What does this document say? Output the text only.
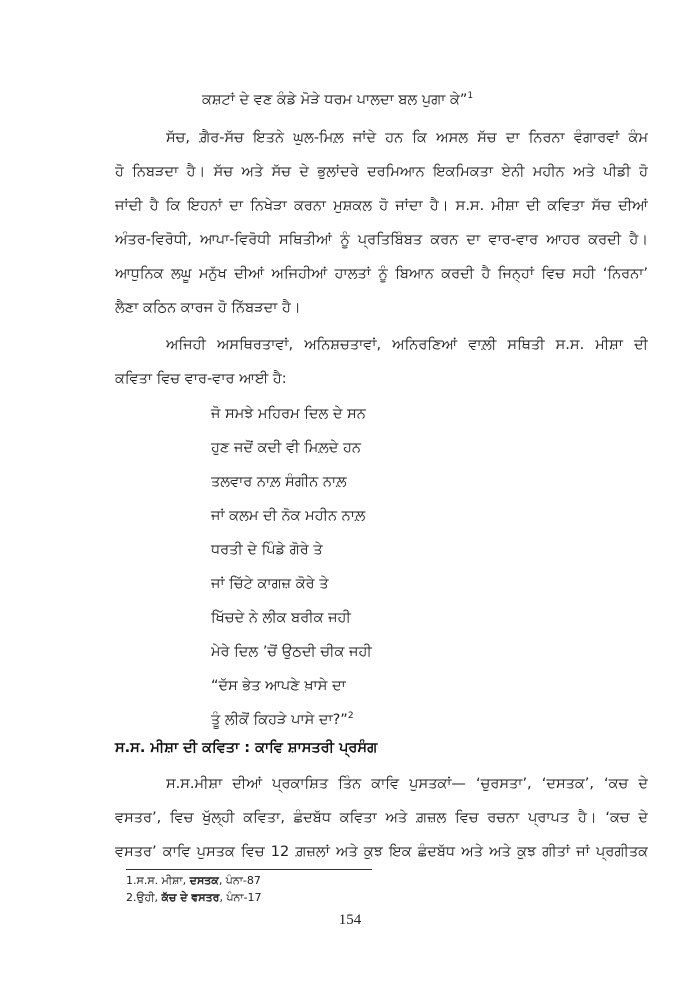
ਕਸ਼ਟਾਂ ਦੇ ਵਣ ਕੰਡੇ ਮੋੜੇ ਧਰਮ ਪਾਲਦਾ ਬਲ ਪੁਗਾ ਕੇ”$^1$
ਸੱਚ, ਗ਼ੈਰ-ਸੱਚ ਇਤਨੇ ਘੁਲ-ਮਿਲ਼ ਜਾਂਦੇ ਹਨ ਕਿ ਅਸਲ ਸੱਚ ਦਾ ਨਿਰਨਾ ਵੰਗਾਰਵਾਂ ਕੰਮ
ਹੋ ਨਿਬੜਦਾ ਹੈ। ਸੱਚ ਅਤੇ ਸੱਚ ਦੇ ਭੁਲਾਂਦਰੇ ਦਰਮਿਆਨ ਇਕਮਿਕਤਾ ਏਨੀ ਮਹੀਨ ਅਤੇ ਪੀਡੀ ਹੋ
ਜਾਂਦੀ ਹੈ ਕਿ ਇਹਨਾਂ ਦਾ ਨਿਖੇੜਾ ਕਰਨਾ ਮੁਸ਼ਕਲ ਹੋ ਜਾਂਦਾ ਹੈ। ਸ.ਸ. ਮੀਸ਼ਾ ਦੀ ਕਵਿਤਾ ਸੱਚ ਦੀਆਂ
ਅੰਤਰ-ਵਿਰੋਧੀ, ਆਪਾ-ਵਿਰੋਧੀ ਸਥਿਤੀਆਂ ਨੂੰ ਪ੍ਰਤਿਬਿੰਬਤ ਕਰਨ ਦਾ ਵਾਰ-ਵਾਰ ਆਹਰ ਕਰਦੀ ਹੈ।
ਆਧੁਨਿਕ ਲਘੂ ਮਨੁੱਖ ਦੀਆਂ ਅਜਿਹੀਆਂ ਹਾਲਤਾਂ ਨੂੰ ਬਿਆਨ ਕਰਦੀ ਹੈ ਜਿਨ੍ਹਾਂ ਵਿਚ ਸਹੀ ‘ਨਿਰਨਾ’
ਲੈਣਾ ਕਠਿਨ ਕਾਰਜ ਹੋ ਨਿੱਬੜਦਾ ਹੈ।
ਅਜਿਹੀ ਅਸਥਿਰਤਾਵਾਂ, ਅਨਿਸ਼ਚਤਾਵਾਂ, ਅਨਿਰਣਿਆਂ ਵਾਲ਼ੀ ਸਥਿਤੀ ਸ.ਸ. ਮੀਸ਼ਾ ਦੀ
ਕਵਿਤਾ ਵਿਚ ਵਾਰ-ਵਾਰ ਆਈ ਹੈ:
ਜੋ ਸਮਝੇ ਮਹਿਰਮ ਦਿਲ ਦੇ ਸਨ
ਹੁਣ ਜਦੋਂ ਕਦੀ ਵੀ ਮਿਲ਼ਦੇ ਹਨ
ਤਲਵਾਰ ਨਾਲ਼ ਸੰਗੀਨ ਨਾਲ਼
ਜਾਂ ਕਲਮ ਦੀ ਨੋਕ ਮਹੀਨ ਨਾਲ਼
ਧਰਤੀ ਦੇ ਪਿੰਡੇ ਗੋਰੇ ਤੇ
ਜਾਂ ਚਿੱਟੇ ਕਾਗਜ਼ ਕੋਰੇ ਤੇ
ਖਿੱਚਦੇ ਨੇ ਲੀਕ ਬਰੀਕ ਜਹੀ
ਮੇਰੇ ਦਿਲ ’ਚੋਂ ਉਠਦੀ ਚੀਕ ਜਹੀ
“ਦੱਸ ਭੇਤ ਆਪਣੇ ਖ਼ਾਸੇ ਦਾ
ਤੂੰ ਲੀਕੋਂ ਕਿਹੜੇ ਪਾਸੇ ਦਾ?”$^2$
ਸ.ਸ. ਮੀਸ਼ਾ ਦੀ ਕਵਿਤਾ : ਕਾਵਿ ਸ਼ਾਸਤਰੀ ਪ੍ਰਸੰਗ
ਸ.ਸ.ਮੀਸ਼ਾ ਦੀਆਂ ਪ੍ਰਕਾਸ਼ਿਤ ਤਿੰਨ ਕਾਵਿ ਪੁਸਤਕਾਂ— ‘ਚੁਰਸਤਾ’, ‘ਦਸਤਕ’, ‘ਕਚ ਦੇ
ਵਸਤਰ’, ਵਿਚ ਖੁੱਲ੍ਹੀ ਕਵਿਤਾ, ਛੰਦਬੱਧ ਕਵਿਤਾ ਅਤੇ ਗ਼ਜ਼ਲ ਵਿਚ ਰਚਨਾ ਪ੍ਰਾਪਤ ਹੈ। ‘ਕਚ ਦੇ
ਵਸਤਰ’ ਕਾਵਿ ਪੁਸਤਕ ਵਿਚ 12 ਗ਼ਜ਼ਲਾਂ ਅਤੇ ਕੁਝ ਇਕ ਛੰਦਬੱਧ ਅਤੇ ਅਤੇ ਕੁਝ ਗੀਤਾਂ ਜਾਂ ਪ੍ਰਗੀਤਕ
1.ਸ.ਸ. ਮੀਸ਼ਾ, ਦਸਤਕ, ਪੰਨਾ-87
2.ਉਹੀ, ਕੱਚ ਦੇ ਵਸਤਰ, ਪੰਨਾ-17
154
